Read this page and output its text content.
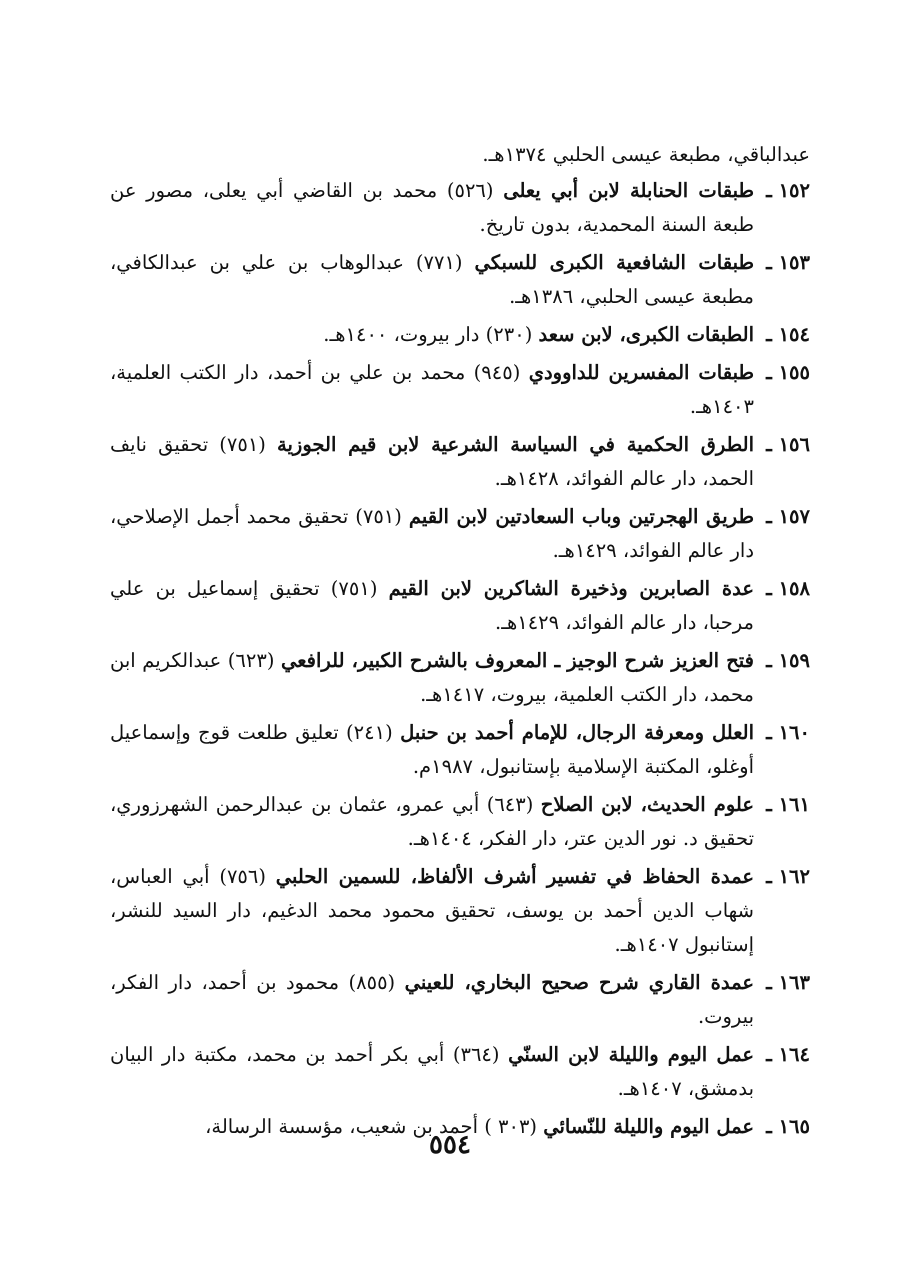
عبدالباقي، مطبعة عيسى الحلبي ١٣٧٤هـ.
١٥٢ ـ
طبقات الحنابلة لابن أبي يعلى (٥٢٦) محمد بن القاضي أبي يعلى، مصور عن طبعة السنة المحمدية، بدون تاريخ.
١٥٣ ـ
طبقات الشافعية الكبرى للسبكي (٧٧١) عبدالوهاب بن علي بن عبدالكافي، مطبعة عيسى الحلبي، ١٣٨٦هـ.
١٥٤ ـ
الطبقات الكبرى، لابن سعد (٢٣٠) دار بيروت، ١٤٠٠هـ.
١٥٥ ـ
طبقات المفسرين للداوودي (٩٤٥) محمد بن علي بن أحمد، دار الكتب العلمية، ١٤٠٣هـ.
١٥٦ ـ
الطرق الحكمية في السياسة الشرعية لابن قيم الجوزية (٧٥١) تحقيق نايف الحمد، دار عالم الفوائد، ١٤٢٨هـ.
١٥٧ ـ
طريق الهجرتين وباب السعادتين لابن القيم (٧٥١) تحقيق محمد أجمل الإصلاحي، دار عالم الفوائد، ١٤٢٩هـ.
١٥٨ ـ
عدة الصابرين وذخيرة الشاكرين لابن القيم (٧٥١) تحقيق إسماعيل بن علي مرحبا، دار عالم الفوائد، ١٤٢٩هـ.
١٥٩ ـ
فتح العزيز شرح الوجيز ـ المعروف بالشرح الكبير، للرافعي (٦٢٣) عبدالكريم ابن محمد، دار الكتب العلمية، بيروت، ١٤١٧هـ.
١٦٠ ـ
العلل ومعرفة الرجال، للإمام أحمد بن حنبل (٢٤١) تعليق طلعت قوج وإسماعيل أوغلو، المكتبة الإسلامية بإستانبول، ١٩٨٧م.
١٦١ ـ
علوم الحديث، لابن الصلاح (٦٤٣) أبي عمرو، عثمان بن عبدالرحمن الشهرزوري، تحقيق د. نور الدين عتر، دار الفكر، ١٤٠٤هـ.
١٦٢ ـ
عمدة الحفاظ في تفسير أشرف الألفاظ، للسمين الحلبي (٧٥٦) أبي العباس، شهاب الدين أحمد بن يوسف، تحقيق محمود محمد الدغيم، دار السيد للنشر، إستانبول ١٤٠٧هـ.
١٦٣ ـ
عمدة القاري شرح صحيح البخاري، للعيني (٨٥٥) محمود بن أحمد، دار الفكر، بيروت.
١٦٤ ـ
عمل اليوم والليلة لابن السنّي (٣٦٤) أبي بكر أحمد بن محمد، مكتبة دار البيان بدمشق، ١٤٠٧هـ.
١٦٥ ـ
عمل اليوم والليلة للنّسائي (٣٠٣ ) أحمد بن شعيب، مؤسسة الرسالة،
٥٥٤
